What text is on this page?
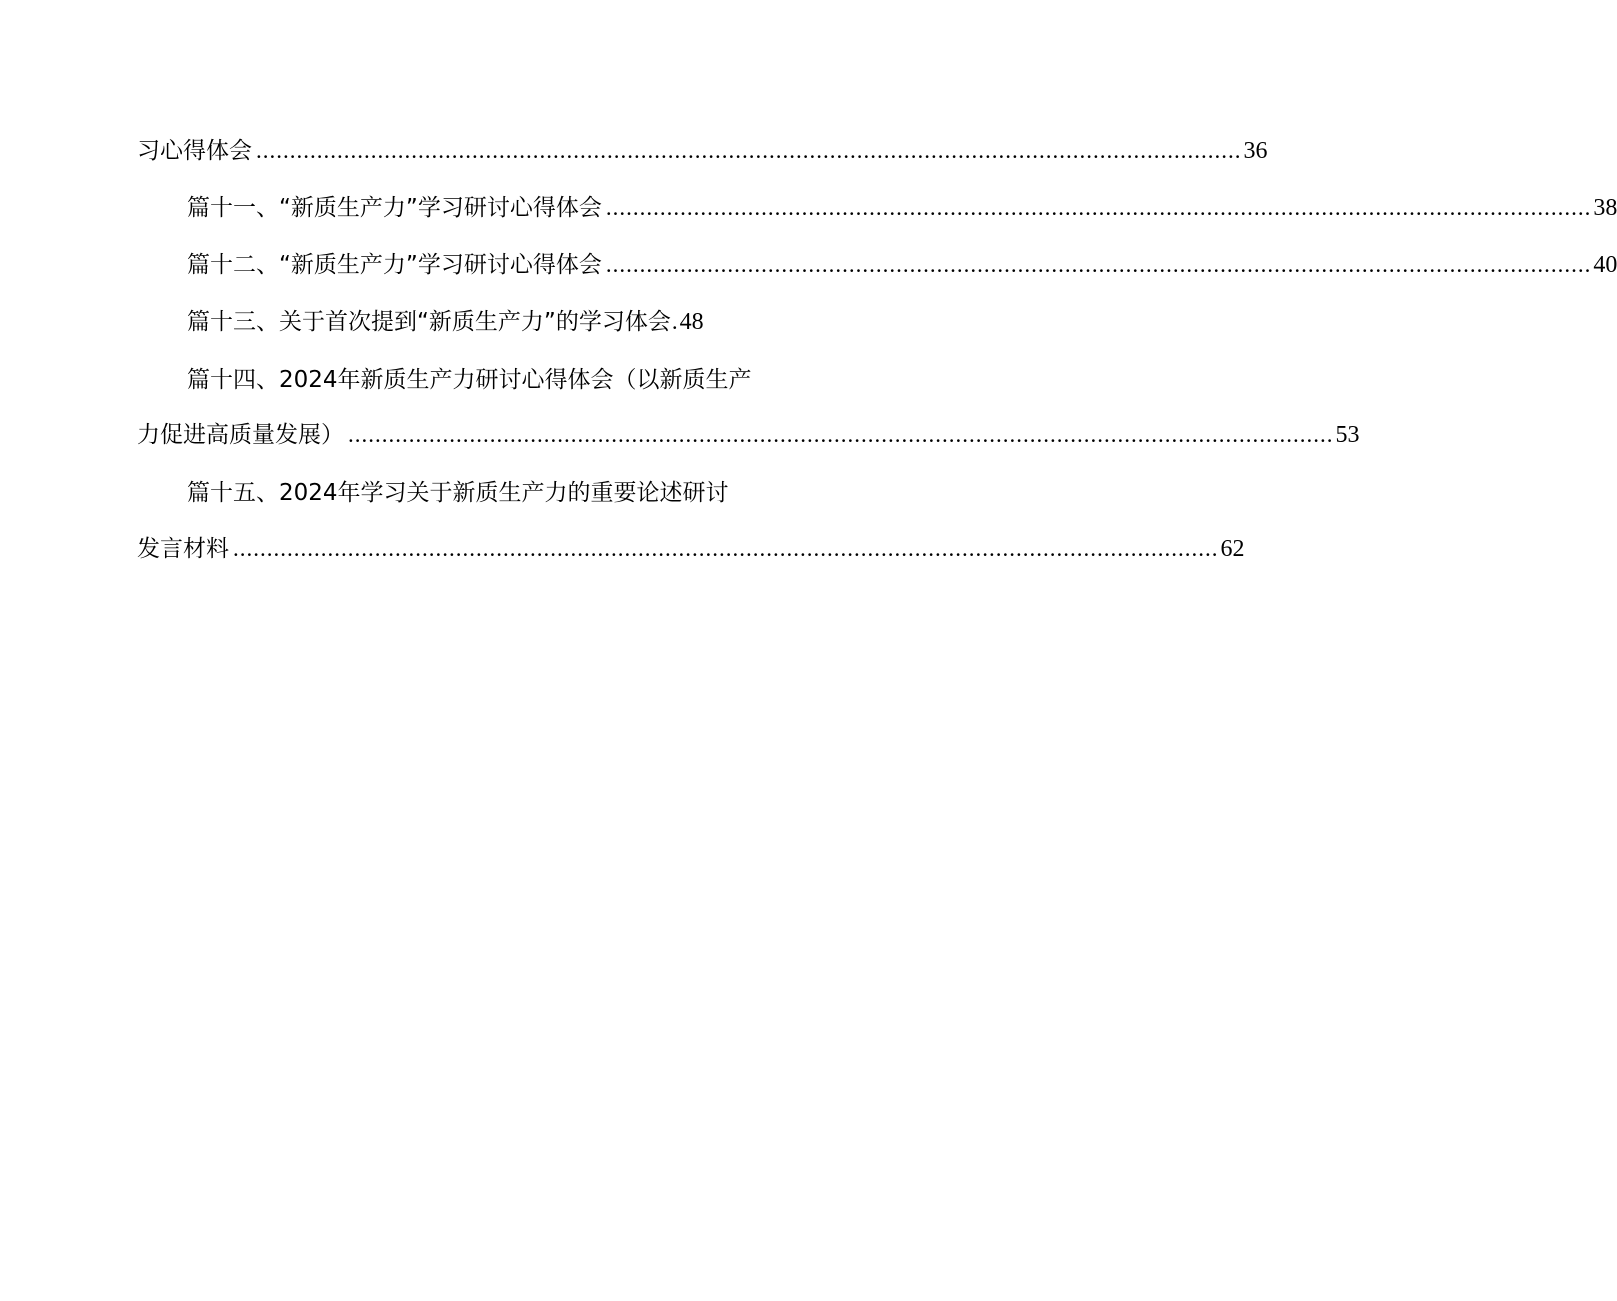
习心得体会 .................................................................................................................................................. 36
篇十一、“新质生产力”学习研讨心得体会 .................................................................................................................................................. 38
篇十二、“新质生产力”学习研讨心得体会 .................................................................................................................................................. 40
篇十三、关于首次提到“新质生产力”的学习体会 . 48
篇十四、2024年新质生产力研讨心得体会（以新质生产
力促进高质量发展） .................................................................................................................................................. 53
篇十五、2024年学习关于新质生产力的重要论述研讨
发言材料 .................................................................................................................................................. 62
